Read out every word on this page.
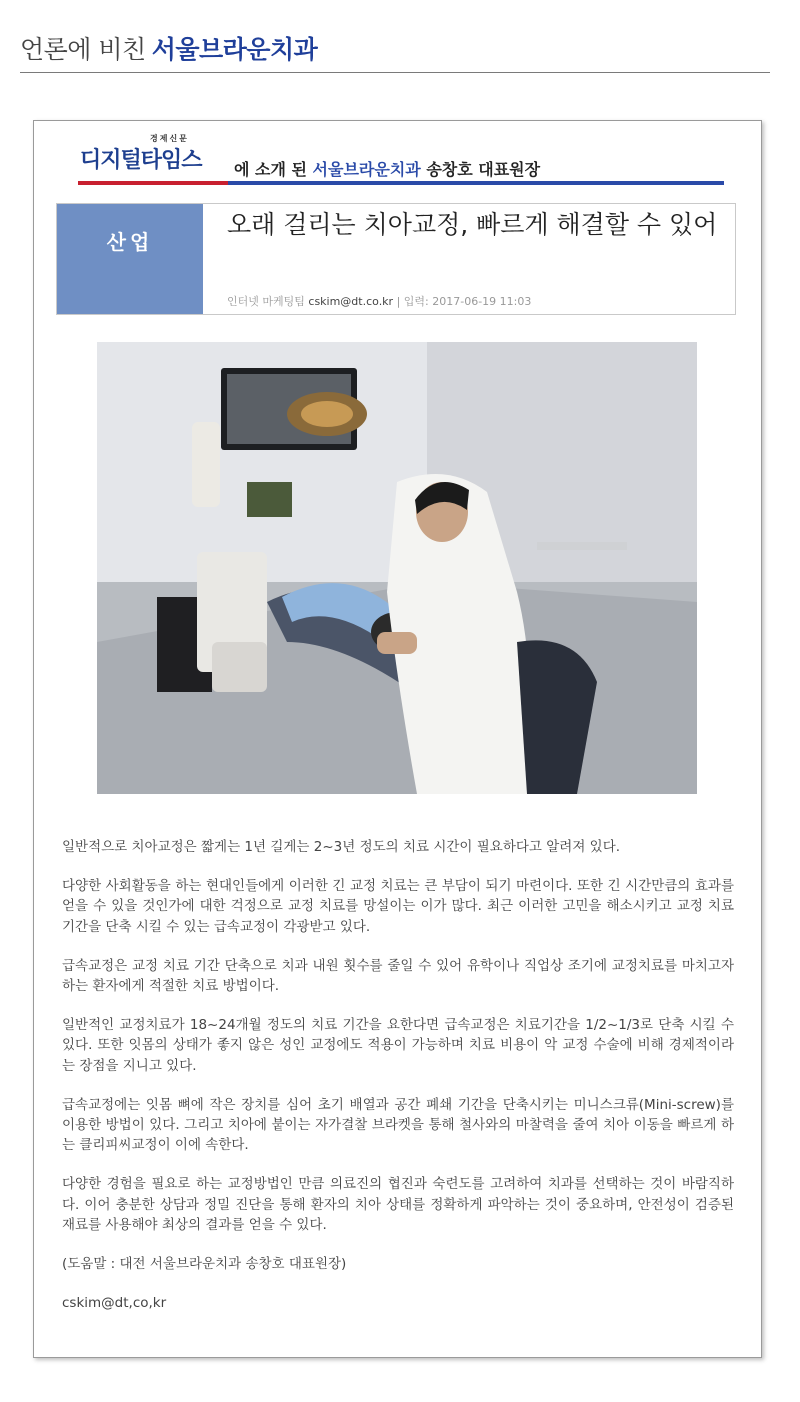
언론에 비친 서울브라운치과
경제신문
디지털타임스 에 소개 된 서울브라운치과 송창호 대표원장
산업
오래 걸리는 치아교정, 빠르게 해결할 수 있어
인터넷 마케팅팀 cskim@dt.co.kr | 입력: 2017-06-19 11:03

일반적으로 치아교정은 짧게는 1년 길게는 2~3년 정도의 치료 시간이 필요하다고 알려져 있다.

다양한 사회활동을 하는 현대인들에게 이러한 긴 교정 치료는 큰 부담이 되기 마련이다. 또한 긴 시간만큼의 효과를 얻을 수 있을 것인가에 대한 걱정으로 교정 치료를 망설이는 이가 많다. 최근 이러한 고민을 해소시키고 교정 치료 기간을 단축 시킬 수 있는 급속교정이 각광받고 있다.

급속교정은 교정 치료 기간 단축으로 치과 내원 횟수를 줄일 수 있어 유학이나 직업상 조기에 교정치료를 마치고자 하는 환자에게 적절한 치료 방법이다.

일반적인 교정치료가 18~24개월 정도의 치료 기간을 요한다면 급속교정은 치료기간을 1/2~1/3로 단축 시킬 수 있다. 또한 잇몸의 상태가 좋지 않은 성인 교정에도 적용이 가능하며 치료 비용이 악 교정 수술에 비해 경제적이라는 장점을 지니고 있다.

급속교정에는 잇몸 뼈에 작은 장치를 심어 초기 배열과 공간 폐쇄 기간을 단축시키는 미니스크류(Mini-screw)를 이용한 방법이 있다. 그리고 치아에 붙이는 자가결찰 브라켓을 통해 철사와의 마찰력을 줄여 치아 이동을 빠르게 하는 클리피씨교정이 이에 속한다.

다양한 경험을 필요로 하는 교정방법인 만큼 의료진의 협진과 숙련도를 고려하여 치과를 선택하는 것이 바람직하다. 이어 충분한 상담과 정밀 진단을 통해 환자의 치아 상태를 정확하게 파악하는 것이 중요하며, 안전성이 검증된 재료를 사용해야 최상의 결과를 얻을 수 있다.

(도움말 : 대전 서울브라운치과 송창호 대표원장)

cskim@dt,co,kr
